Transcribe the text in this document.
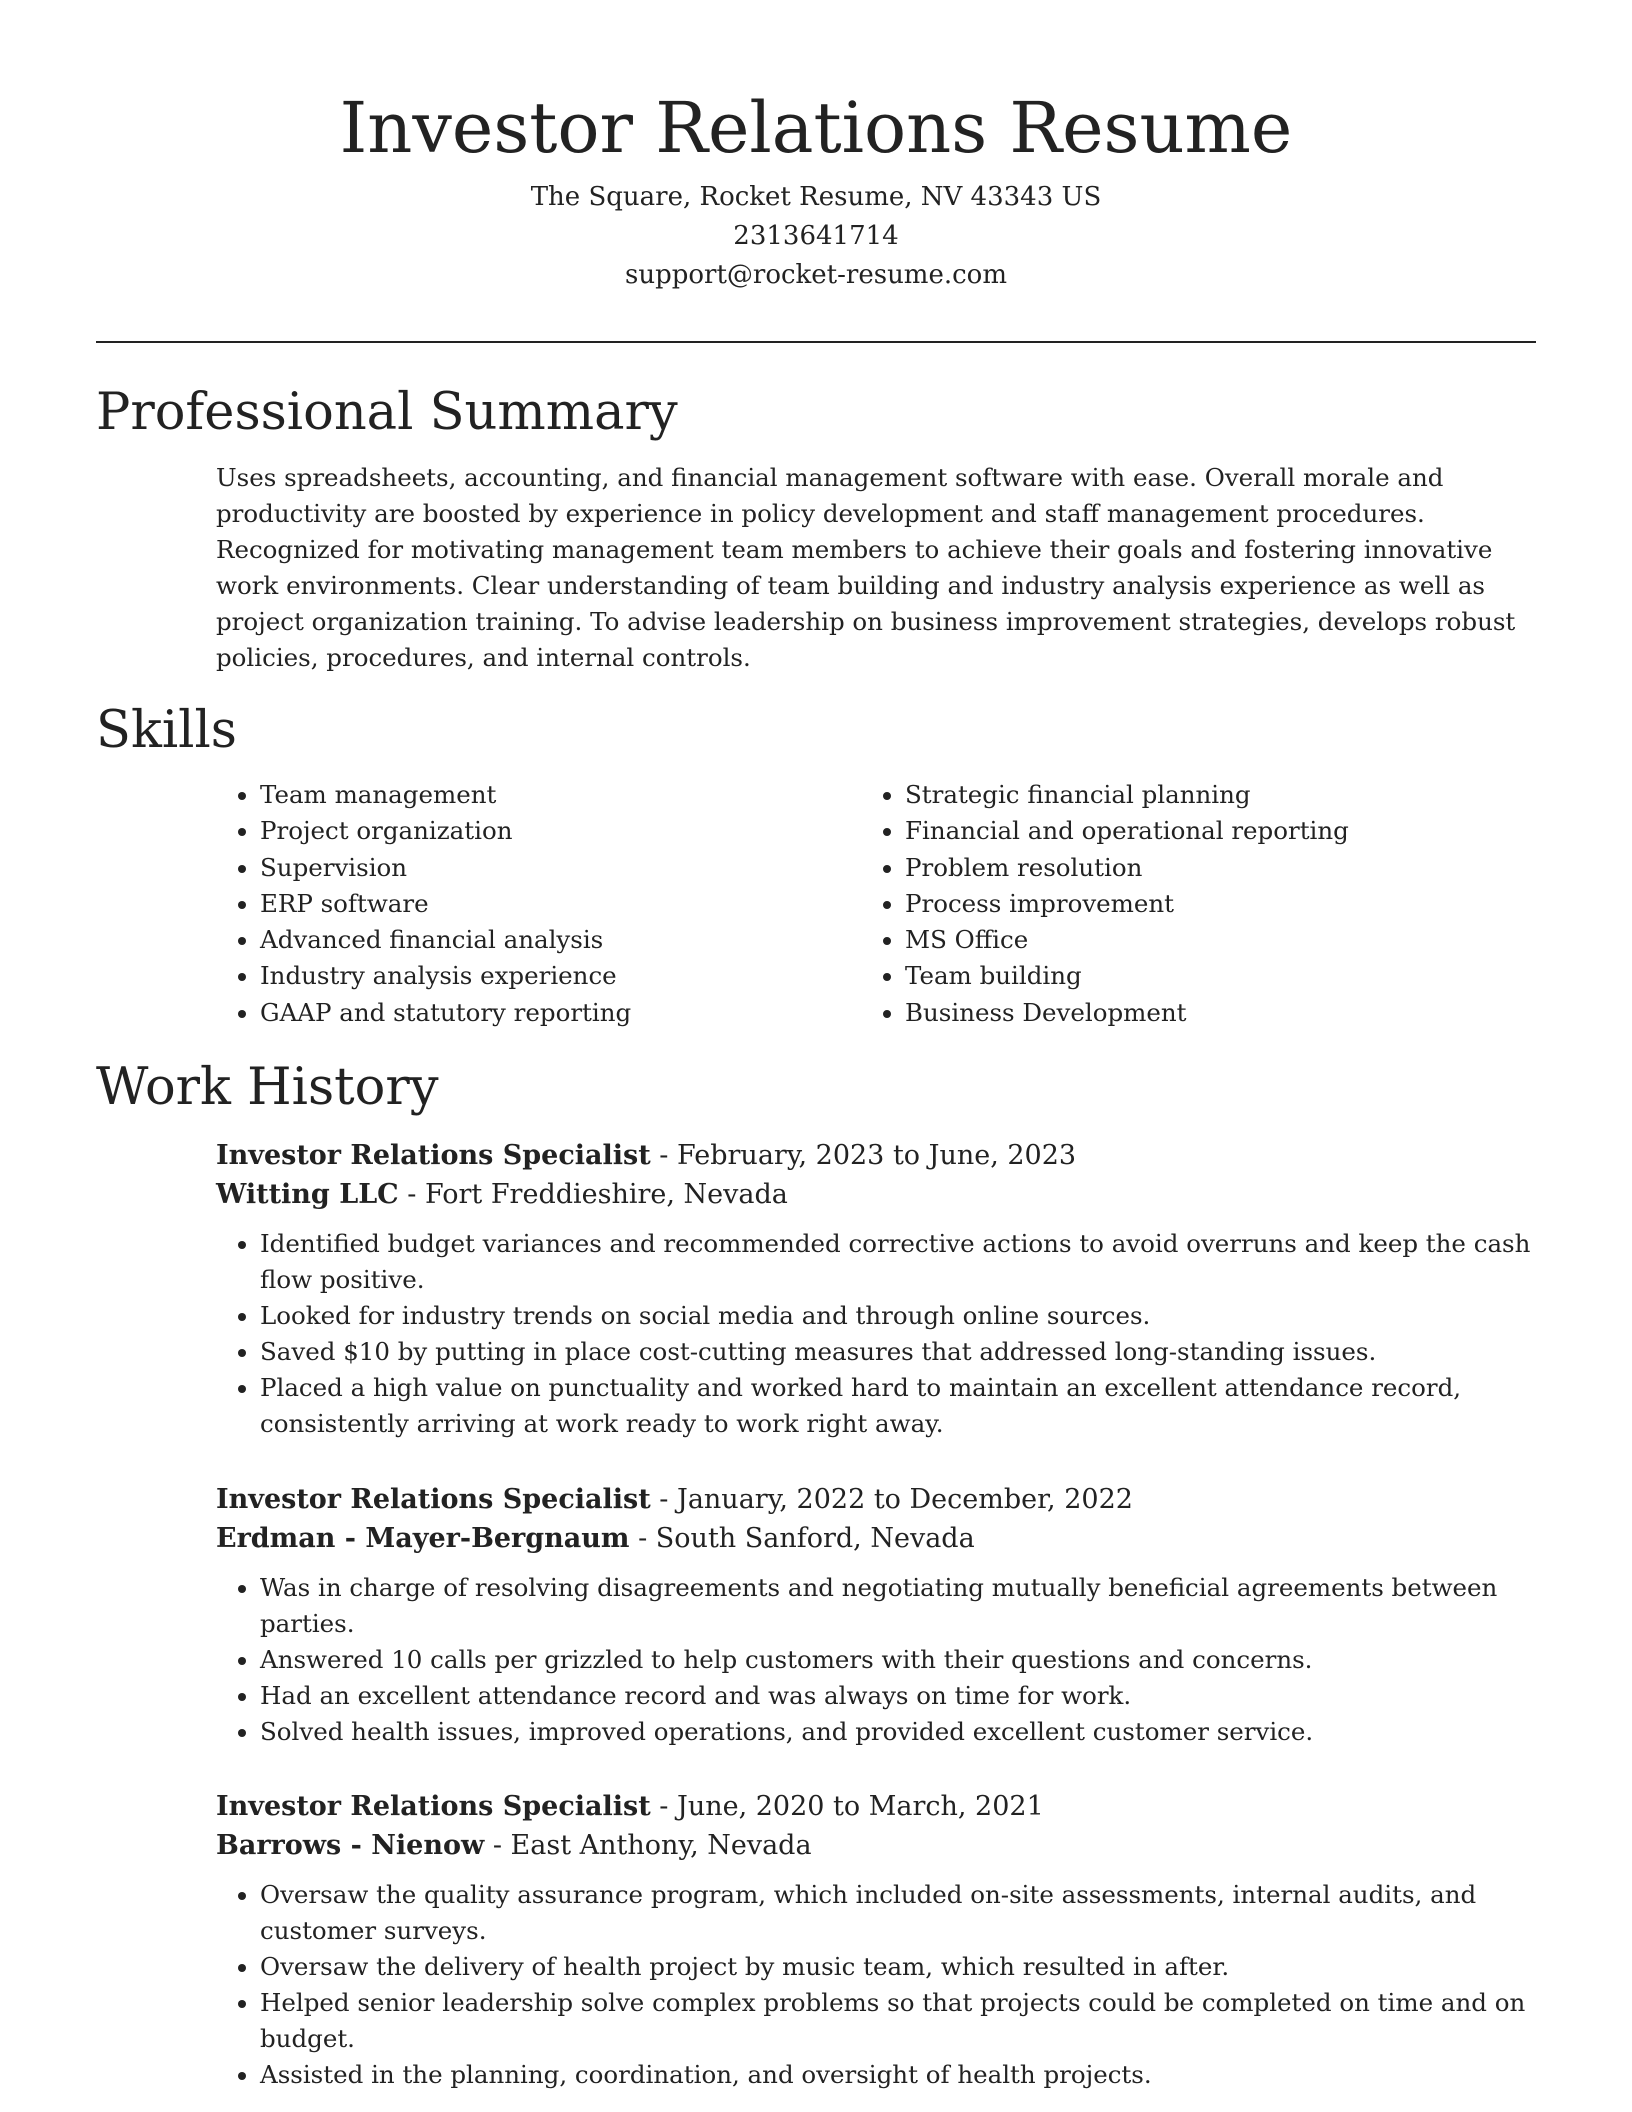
Investor Relations Resume
The Square, Rocket Resume, NV 43343 US
2313641714
support@rocket-resume.com
Professional Summary

Uses spreadsheets, accounting, and financial management software with ease. Overall morale and productivity are boosted by experience in policy development and staff management procedures. Recognized for motivating management team members to achieve their goals and fostering innovative work environments. Clear understanding of team building and industry analysis experience as well as project organization training. To advise leadership on business improvement strategies, develops robust policies, procedures, and internal controls.

Skills
• Team management
• Project organization
• Supervision
• ERP software
• Advanced financial analysis
• Industry analysis experience
• GAAP and statutory reporting
• Strategic financial planning
• Financial and operational reporting
• Problem resolution
• Process improvement
• MS Office
• Team building
• Business Development
Work History
Investor Relations Specialist - February, 2023 to June, 2023
Witting LLC - Fort Freddieshire, Nevada
• Identified budget variances and recommended corrective actions to avoid overruns and keep the cash flow positive.
• Looked for industry trends on social media and through online sources.
• Saved $10 by putting in place cost-cutting measures that addressed long-standing issues.
• Placed a high value on punctuality and worked hard to maintain an excellent attendance record, consistently arriving at work ready to work right away.
Investor Relations Specialist - January, 2022 to December, 2022
Erdman - Mayer-Bergnaum - South Sanford, Nevada
• Was in charge of resolving disagreements and negotiating mutually beneficial agreements between parties.
• Answered 10 calls per grizzled to help customers with their questions and concerns.
• Had an excellent attendance record and was always on time for work.
• Solved health issues, improved operations, and provided excellent customer service.
Investor Relations Specialist - June, 2020 to March, 2021
Barrows - Nienow - East Anthony, Nevada
• Oversaw the quality assurance program, which included on-site assessments, internal audits, and customer surveys.
• Oversaw the delivery of health project by music team, which resulted in after.
• Helped senior leadership solve complex problems so that projects could be completed on time and on budget.
• Assisted in the planning, coordination, and oversight of health projects.
